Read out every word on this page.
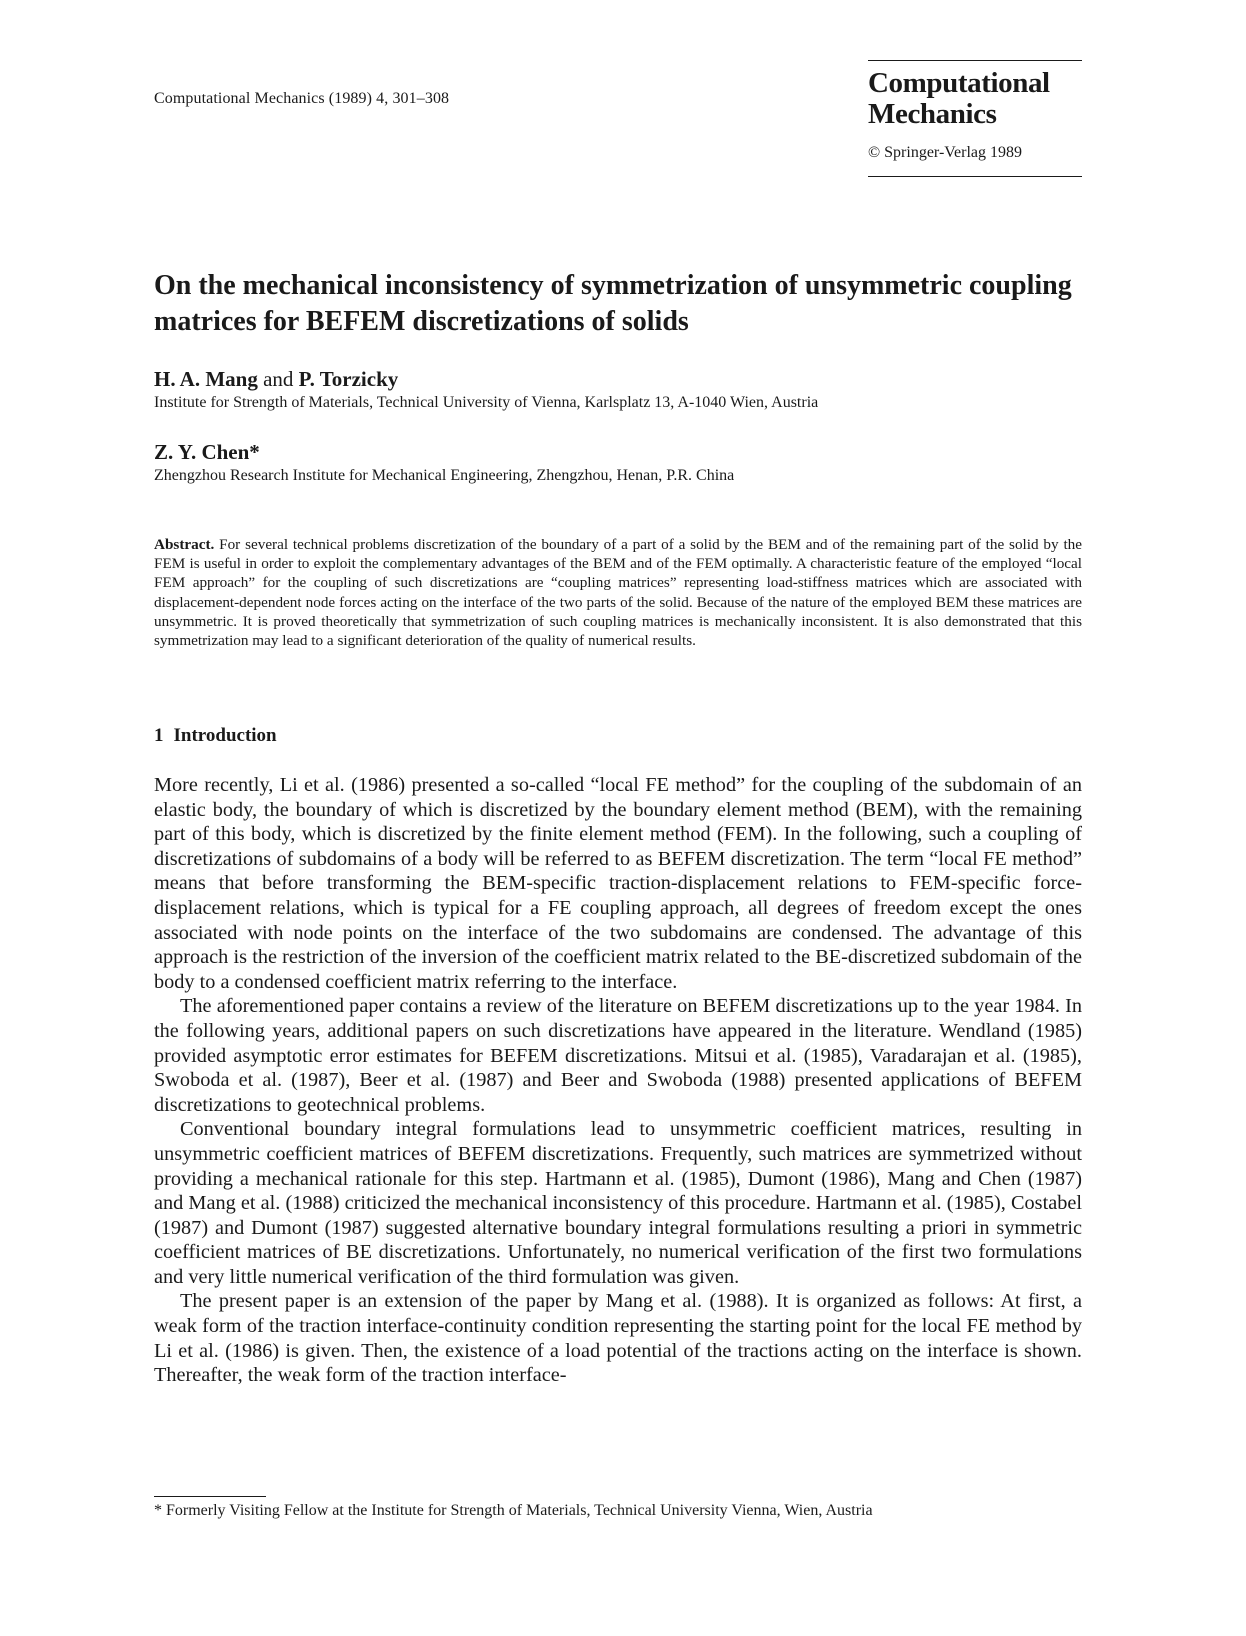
Computational Mechanics (1989) 4, 301–308	Computational
Mechanics
© Springer-Verlag 1989
On the mechanical inconsistency of symmetrization of unsymmetric coupling matrices for BEFEM discretizations of solids
H. A. Mang and P. Torzicky
Institute for Strength of Materials, Technical University of Vienna, Karlsplatz 13, A-1040 Wien, Austria
Z. Y. Chen*
Zhengzhou Research Institute for Mechanical Engineering, Zhengzhou, Henan, P.R. China

Abstract. For several technical problems discretization of the boundary of a part of a solid by the BEM and of the remaining part of the solid by the FEM is useful in order to exploit the complementary advantages of the BEM and of the FEM optimally. A characteristic feature of the employed “local FEM approach” for the coupling of such discretizations are “coupling matrices” representing load-stiffness matrices which are associated with displacement-dependent node forces acting on the interface of the two parts of the solid. Because of the nature of the employed BEM these matrices are unsymmetric. It is proved theoretically that symmetrization of such coupling matrices is mechanically inconsistent. It is also demonstrated that this symmetrization may lead to a significant deterioration of the quality of numerical results.

1 Introduction

More recently, Li et al. (1986) presented a so-called “local FE method” for the coupling of the subdomain of an elastic body, the boundary of which is discretized by the boundary element method (BEM), with the remaining part of this body, which is discretized by the finite element method (FEM). In the following, such a coupling of discretizations of subdomains of a body will be referred to as BEFEM discretization. The term “local FE method” means that before transforming the BEM-specific traction-displacement relations to FEM-specific force-displacement relations, which is typical for a FE coupling approach, all degrees of freedom except the ones associated with node points on the interface of the two subdomains are condensed. The advantage of this approach is the restriction of the inversion of the coefficient matrix related to the BE-discretized subdomain of the body to a condensed coefficient matrix referring to the interface.

The aforementioned paper contains a review of the literature on BEFEM discretizations up to the year 1984. In the following years, additional papers on such discretizations have appeared in the literature. Wendland (1985) provided asymptotic error estimates for BEFEM discretizations. Mitsui et al. (1985), Varadarajan et al. (1985), Swoboda et al. (1987), Beer et al. (1987) and Beer and Swoboda (1988) presented applications of BEFEM discretizations to geotechnical problems.

Conventional boundary integral formulations lead to unsymmetric coefficient matrices, resulting in unsymmetric coefficient matrices of BEFEM discretizations. Frequently, such matrices are symmetrized without providing a mechanical rationale for this step. Hartmann et al. (1985), Dumont (1986), Mang and Chen (1987) and Mang et al. (1988) criticized the mechanical inconsistency of this procedure. Hartmann et al. (1985), Costabel (1987) and Dumont (1987) suggested alternative boundary integral formulations resulting a priori in symmetric coefficient matrices of BE discretizations. Unfortunately, no numerical verification of the first two formulations and very little numerical verification of the third formulation was given.

The present paper is an extension of the paper by Mang et al. (1988). It is organized as follows: At first, a weak form of the traction interface-continuity condition representing the starting point for the local FE method by Li et al. (1986) is given. Then, the existence of a load potential of the tractions acting on the interface is shown. Thereafter, the weak form of the traction interface-

* Formerly Visiting Fellow at the Institute for Strength of Materials, Technical University Vienna, Wien, Austria
